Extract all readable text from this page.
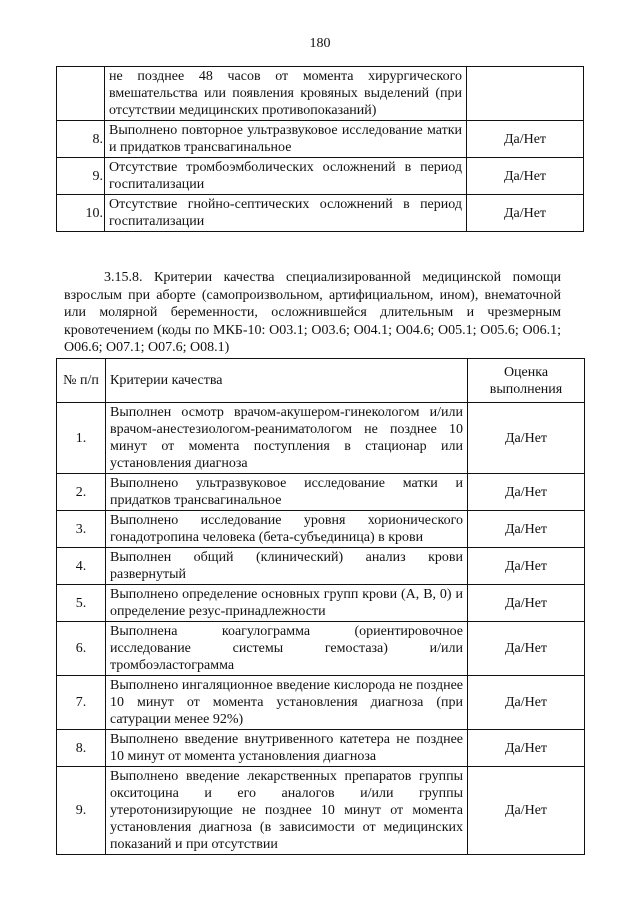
180
	не позднее 48 часов от момента хирургического вмешательства или появления кровяных выделений (при отсутствии медицинских противопоказаний)	
8.	Выполнено повторное ультразвуковое исследование матки и придатков трансвагинальное	Да/Нет
9.	Отсутствие тромбоэмболических осложнений в период госпитализации	Да/Нет
10.	Отсутствие гнойно-септических осложнений в период госпитализации	Да/Нет

3.15.8. Критерии качества специализированной медицинской помощи взрослым при аборте (самопроизвольном, артифициальном, ином), внематочной или молярной беременности, осложнившейся длительным и чрезмерным кровотечением (коды по МКБ-10: O03.1; O03.6; O04.1; O04.6; O05.1; O05.6; O06.1; O06.6; O07.1; O07.6; O08.1)

№ п/п	Критерии качества	Оценка выполнения
1.	Выполнен осмотр врачом-акушером-гинекологом и/или врачом-анестезиологом-реаниматологом не позднее 10 минут от момента поступления в стационар или установления диагноза	Да/Нет
2.	Выполнено ультразвуковое исследование матки и придатков трансвагинальное	Да/Нет
3.	Выполнено исследование уровня хорионического гонадотропина человека (бета-субъединица) в крови	Да/Нет
4.	Выполнен общий (клинический) анализ крови развернутый	Да/Нет
5.	Выполнено определение основных групп крови (A, B, 0) и определение резус-принадлежности	Да/Нет
6.	Выполнена коагулограмма (ориентировочное исследование системы гемостаза) и/или тромбоэластограмма	Да/Нет
7.	Выполнено ингаляционное введение кислорода не позднее 10 минут от момента установления диагноза (при сатурации менее 92%)	Да/Нет
8.	Выполнено введение внутривенного катетера не позднее 10 минут от момента установления диагноза	Да/Нет
9.	Выполнено введение лекарственных препаратов группы окситоцина и его аналогов и/или группы утеротонизирующие не позднее 10 минут от момента установления диагноза (в зависимости от медицинских показаний и при отсутствии	Да/Нет
